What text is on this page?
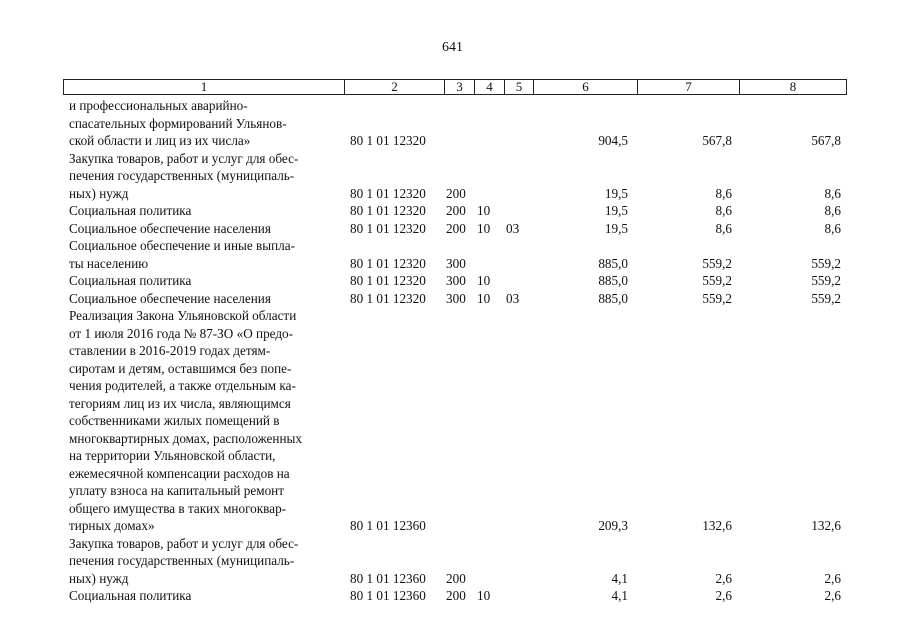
641
1	2	3	4	5	6	7	8
и профессиональных аварийно-
спасательных формирований Ульянов-
ской области и лиц из их числа»	80 1 01 12320	904,5	567,8	567,8
Закупка товаров, работ и услуг для обес-
печения государственных (муниципаль-
ных) нужд	80 1 01 12320 200	19,5	8,6	8,6
Социальная политика	80 1 01 12320 200 10	19,5	8,6	8,6
Социальное обеспечение населения	80 1 01 12320 200 10 03	19,5	8,6	8,6
Социальное обеспечение и иные выпла-
ты населению	80 1 01 12320 300	885,0	559,2	559,2
Социальная политика	80 1 01 12320 300 10	885,0	559,2	559,2
Социальное обеспечение населения	80 1 01 12320 300 10 03	885,0	559,2	559,2
Реализация Закона Ульяновской области
от 1 июля 2016 года № 87-ЗО «О предо-
ставлении в 2016-2019 годах детям-
сиротам и детям, оставшимся без попе-
чения родителей, а также отдельным ка-
тегориям лиц из их числа, являющимся
собственниками жилых помещений в
многоквартирных домах, расположенных
на территории Ульяновской области,
ежемесячной компенсации расходов на
уплату взноса на капитальный ремонт
общего имущества в таких многоквар-
тирных домах»	80 1 01 12360	209,3	132,6	132,6
Закупка товаров, работ и услуг для обес-
печения государственных (муниципаль-
ных) нужд	80 1 01 12360 200	4,1	2,6	2,6
Социальная политика	80 1 01 12360 200 10	4,1	2,6	2,6
